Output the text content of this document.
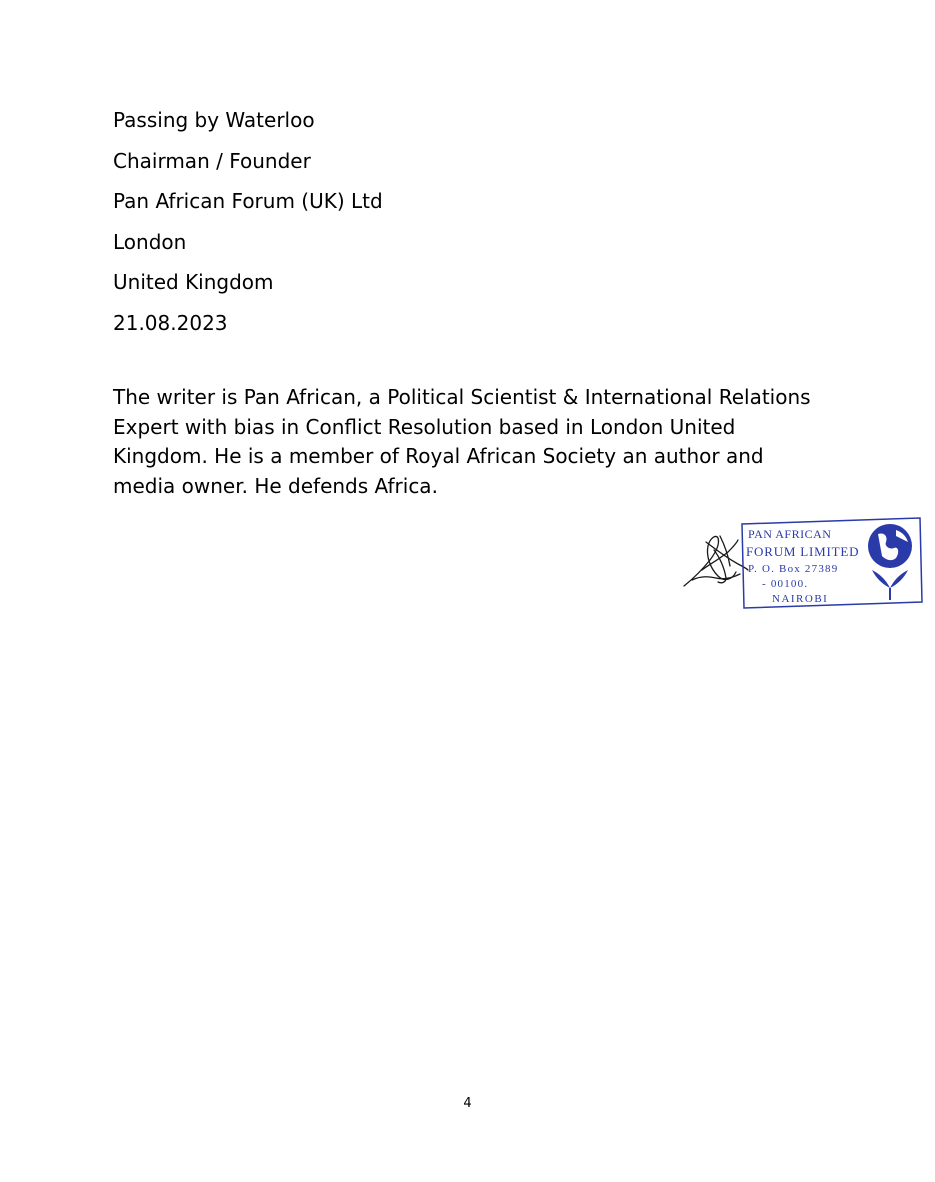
Passing by Waterloo
Chairman / Founder
Pan African Forum (UK) Ltd
London
United Kingdom
21.08.2023

The writer is Pan African, a Political Scientist & International Relations Expert with bias in Conflict Resolution based in London United Kingdom. He is a member of Royal African Society an author and media owner. He defends Africa.

PAN AFRICAN
FORUM LIMITED
P. O. Box 27389
- 00100.
NAIROBI
4
